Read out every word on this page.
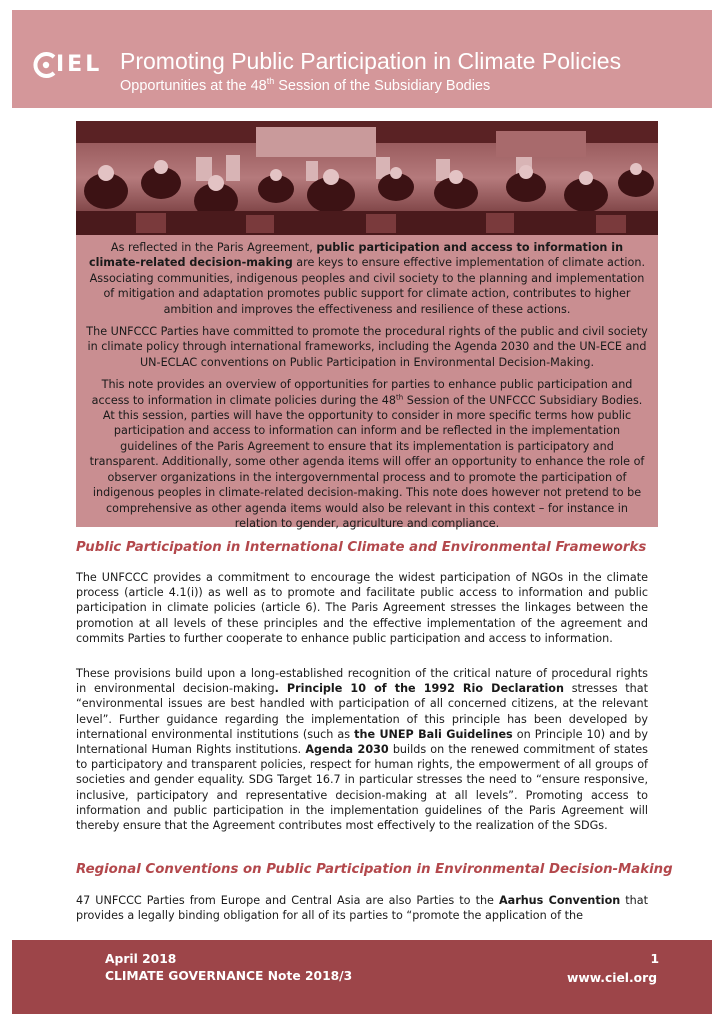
IEL Promoting Public Participation in Climate Policies
Opportunities at the 48th Session of the Subsidiary Bodies

As reflected in the Paris Agreement, public participation and access to information in climate-related decision-making are keys to ensure effective implementation of climate action. Associating communities, indigenous peoples and civil society to the planning and implementation of mitigation and adaptation promotes public support for climate action, contributes to higher ambition and improves the effectiveness and resilience of these actions.

The UNFCCC Parties have committed to promote the procedural rights of the public and civil society in climate policy through international frameworks, including the Agenda 2030 and the UN-ECE and UN-ECLAC conventions on Public Participation in Environmental Decision-Making.

This note provides an overview of opportunities for parties to enhance public participation and access to information in climate policies during the 48th Session of the UNFCCC Subsidiary Bodies. At this session, parties will have the opportunity to consider in more specific terms how public participation and access to information can inform and be reflected in the implementation guidelines of the Paris Agreement to ensure that its implementation is participatory and transparent. Additionally, some other agenda items will offer an opportunity to enhance the role of observer organizations in the intergovernmental process and to promote the participation of indigenous peoples in climate-related decision-making. This note does however not pretend to be comprehensive as other agenda items would also be relevant in this context – for instance in relation to gender, agriculture and compliance.

Public Participation in International Climate and Environmental Frameworks
The UNFCCC provides a commitment to encourage the widest participation of NGOs in the climate process (article 4.1(i)) as well as to promote and facilitate public access to information and public participation in climate policies (article 6). The Paris Agreement stresses the linkages between the promotion at all levels of these principles and the effective implementation of the agreement and commits Parties to further cooperate to enhance public participation and access to information.
These provisions build upon a long-established recognition of the critical nature of procedural rights in environmental decision-making. Principle 10 of the 1992 Rio Declaration stresses that “environmental issues are best handled with participation of all concerned citizens, at the relevant level”. Further guidance regarding the implementation of this principle has been developed by international environmental institutions (such as the UNEP Bali Guidelines on Principle 10) and by International Human Rights institutions. Agenda 2030 builds on the renewed commitment of states to participatory and transparent policies, respect for human rights, the empowerment of all groups of societies and gender equality. SDG Target 16.7 in particular stresses the need to “ensure responsive, inclusive, participatory and representative decision-making at all levels”. Promoting access to information and public participation in the implementation guidelines of the Paris Agreement will thereby ensure that the Agreement contributes most effectively to the realization of the SDGs.
Regional Conventions on Public Participation in Environmental Decision-Making
47 UNFCCC Parties from Europe and Central Asia are also Parties to the Aarhus Convention that provides a legally binding obligation for all of its parties to “promote the application of the
April 2018
CLIMATE GOVERNANCE Note 2018/3
1
www.ciel.org
